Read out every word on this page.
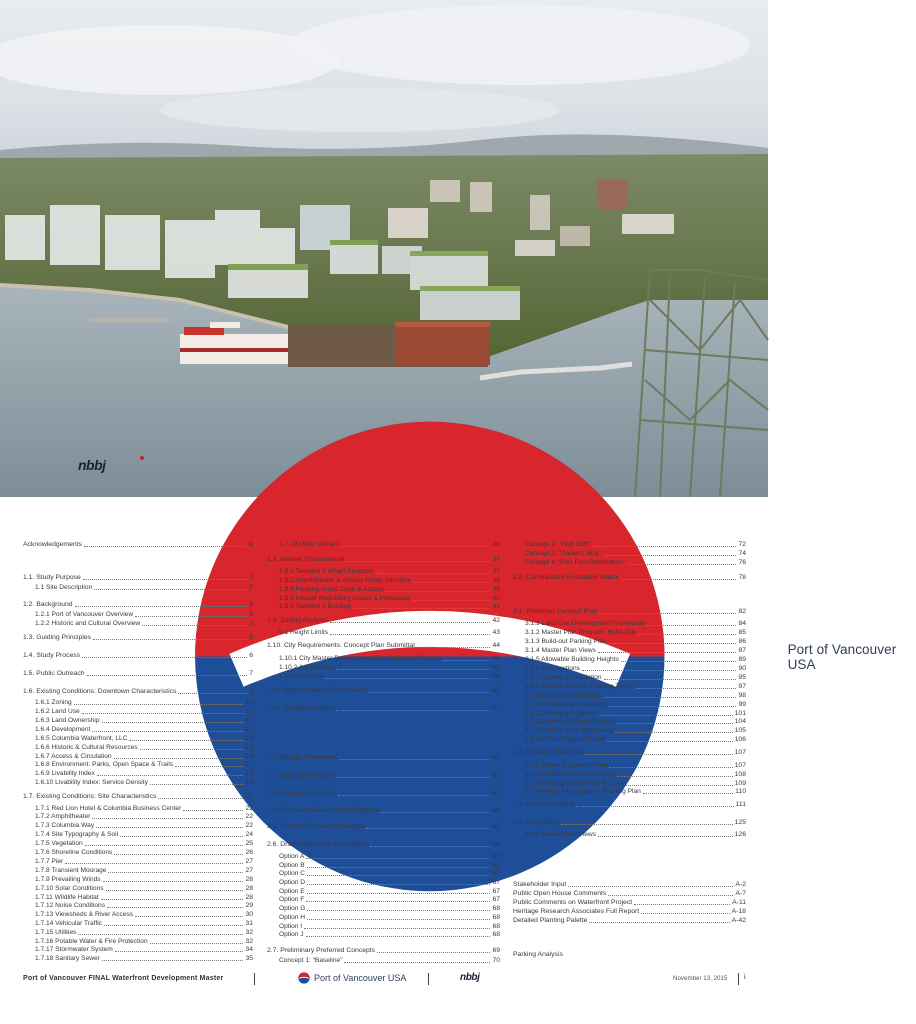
Port of Vancouver USA
nbbj
Acknowledgements	iii
1.1. Study Purpose	2
1.1 Site Description	2
1.2. Background	3
1.2.1 Port of Vancouver Overview	3
1.2.2 Historic and Cultural Overview	3
1.3. Guiding Principles	5
1.4. Study Process	6
1.5. Public Outreach	7
1.6. Existing Conditions: Downtown Characteristics	9
1.6.1 Zoning	10
1.6.2 Land Use	11
1.6.3 Land Ownership	12
1.6.4 Development	13
1.6.5 Columbia Waterfront, LLC	14
1.6.6 Historic & Cultural Resources	15
1.6.7 Access & Circulation	16
1.6.8 Environment: Parks, Open Space & Trails	17
1.6.9 Livability Index	18
1.6.10 Livability Index: Service Density	19
1.7. Existing Conditions: Site Characteristics	21
1.7.1 Red Lion Hotel & Columbia Business Center	22
1.7.2 Amphitheater	22
1.7.3 Columbia Way	22
1.7.4 Site Typography & Soil	24
1.7.5 Vegetation	25
1.7.6 Shoreline Conditions	26
1.7.7 Pier	27
1.7.8 Transient Moorage	27
1.7.9 Prevailing Winds	28
1.7.10 Solar Conditions	28
1.7.11 Wildlife Habitat	28
1.7.12 Noise Conditions	29
1.7.13 Viewsheds & River Access	30
1.7.14 Vehicular Traffic	31
1.7.15 Utilities	32
1.7.16 Potable Water & Fire Protection	32
1.7.17 Stormwater System	34
1.7.18 Sanitary Sewer	35
1.7.19 Other Utilities	36
1.8. Inwater Infrastructure	37
1.8.1 Terminal 1 Wharf Structure	37
1.8.2 Amphitheater & Access Ramp Structure	38
1.8.3 Floating Guest Dock & Access	39
1.8.4 Inwater Regulatory Issues & Processes	40
1.8.5 Terminal 1 Building	41
1.9. Zoning Analysis	42
9.1 Height Limits	43
1.10. City Requirements: Concept Plan Submittal	44
1.10.1 City Master Development Plan Approval Process	44
1.10.2 Applications	44
1.10.3 Process	44
1.11. Opportunities & Constraints	45
1.12. Design Precepts	47
2.1. Design Framework	62
2.2. Guiding Principles	63
2.3. Evaluation Criteria	63
2.4. Proposed Development Program	64
2.5. Potential Parking Strategies	65
2.6. Draft Preliminary Alternatives	66
Option A	66
Option B	66
Option C	67
Option D	67
Option E	67
Option F	67
Option G	68
Option H	68
Option I	68
Option J	68
2.7. Preliminary Preferred Concepts	69
Concept 1: “Baseline”	70
Concept 2: “Grid Shift”	72
Concept 3: “Daniel’s Way”	74
Concept 4: “Pier First Restoration”	76
2.8. Comparative Evaluation Matrix	78
3.1. Preferred Concept Plan	82
3.1.1 Land Use Development Framework	84
3.1.2 Master Plan Program, Build-Out	85
3.1.3 Build-out Parking Plan	86
3.1.4 Master Plan Views	87
3.1.5 Allowable Building Heights	89
3.1.6 Site Sections	90
3.1.7 Access & Circulation	95
3.1.8 Service Access, Loading Zones	97
3.1.9 Landscape Program	98
3.1.10 Streetscape Sections	99
3.1.11 Planting Program	101
3.1.12 Public Art Opportunities	104
3.1.13 Public Art & Wayfinding	105
3.1.14 Pier Program/ Detail	106
3.2. Phasing Strategies	107
3.2.1 Phase 1 Concept Plan	107
3.2.2 Parking Option Summary	108
3.2.3 Parking Option Pros & Cons	109
3.2.4 Public Infrastructure Phasing Plan	110
3.3. Cost Estimating	111
3.4. Next Steps	125
3.4.1 Master Plan Views	126
Stakeholder Input	A-2
Public Open House Comments	A-7
Public Comments on Waterfront Project	A-11
Heritage Research Associates Full Report	A-18
Detailed Planting Palette	A-42
Parking Analysis
Port of Vancouver FINAL Waterfront Development Master	Port of Vancouver USA	nbbj	November 13, 2015 i
